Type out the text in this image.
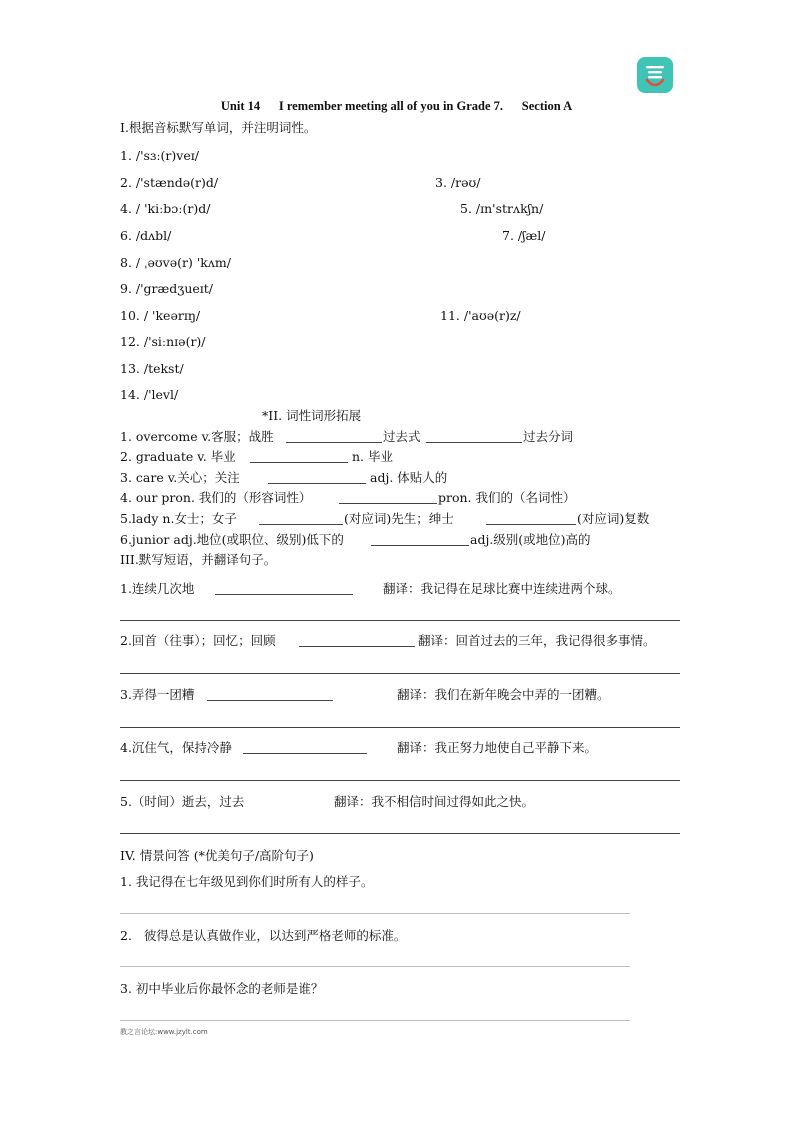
Unit 14      I remember meeting all of you in Grade 7.      Section A
I.根据音标默写单词，并注明词性。
1. /'sɜː(r)veɪ/
2. /'stændə(r)d/	3. /rəʊ/
4. / 'kiːbɔː(r)d/	5. /ɪn'strʌkʃn/
6. /dʌbl/	7. /ʃæl/
8. / ˌəʊvə(r) 'kʌm/
9. /'grædʒueɪt/
10. / 'keərɪŋ/	11. /'aʊə(r)z/
12. /'siːnɪə(r)/
13. /tekst/
14. /'levl/
*II. 词性词形拓展
1. overcome v.客服；战胜	过去式	过去分词
2. graduate v. 毕业	n. 毕业
3. care v.关心；关注	adj. 体贴人的
4. our pron. 我们的（形容词性）	pron. 我们的（名词性）
5.lady n.女士；女子	(对应词)先生；绅士	(对应词)复数
6.junior adj.地位(或职位、级别)低下的	adj.级别(或地位)高的
III.默写短语，并翻译句子。
1.连续几次地	翻译：我记得在足球比赛中连续进两个球。
2.回首（往事）；回忆；回顾	翻译：回首过去的三年，我记得很多事情。
3.弄得一团糟	翻译：我们在新年晚会中弄的一团糟。
4.沉住气，保持冷静	翻译：我正努力地使自己平静下来。
5.（时间）逝去，过去	翻译：我不相信时间过得如此之快。
IV. 情景问答 (*优美句子/高阶句子)
1. 我记得在七年级见到你们时所有人的样子。
2.   彼得总是认真做作业，以达到严格老师的标准。
3. 初中毕业后你最怀念的老师是谁？
教之言论坛:www.jzylt.com
